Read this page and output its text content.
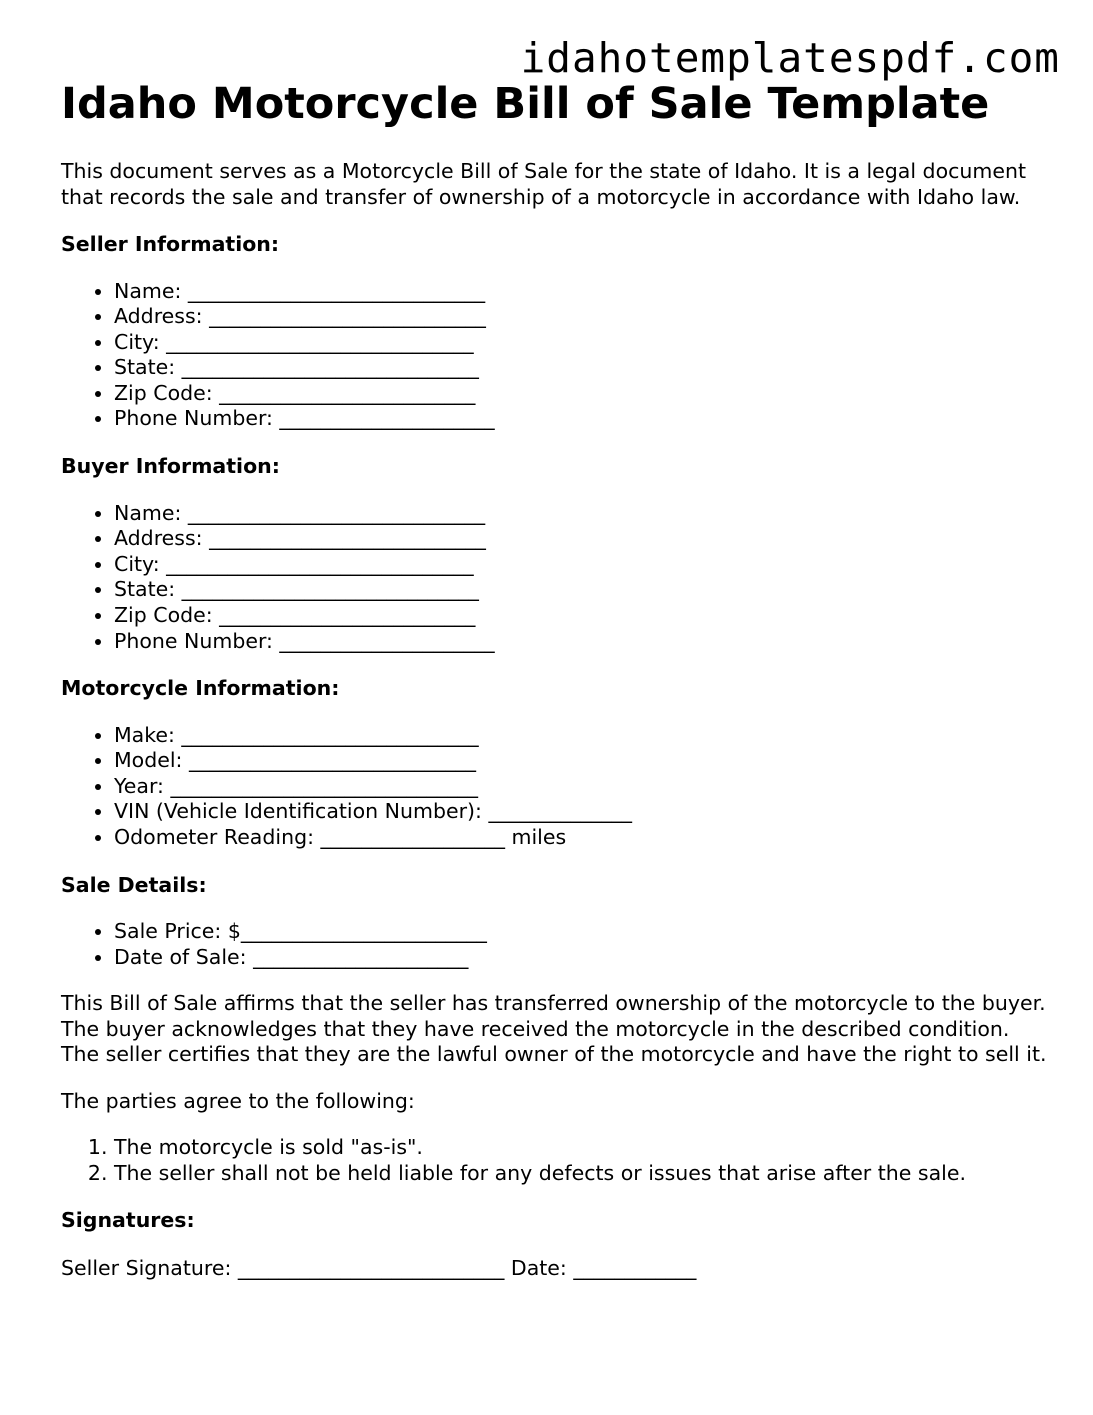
idahotemplatespdf.com
Idaho Motorcycle Bill of Sale Template

This document serves as a Motorcycle Bill of Sale for the state of Idaho. It is a legal document that records the sale and transfer of ownership of a motorcycle in accordance with Idaho law.

Seller Information:
• Name: _____________________________
• Address: ___________________________
• City: ______________________________
• State: _____________________________
• Zip Code: _________________________
• Phone Number: _____________________
Buyer Information:
• Name: _____________________________
• Address: ___________________________
• City: ______________________________
• State: _____________________________
• Zip Code: _________________________
• Phone Number: _____________________
Motorcycle Information:
• Make: _____________________________
• Model: ____________________________
• Year: ______________________________
• VIN (Vehicle Identification Number): ______________
• Odometer Reading: __________________ miles
Sale Details:
• Sale Price: $________________________
• Date of Sale: _____________________

This Bill of Sale affirms that the seller has transferred ownership of the motorcycle to the buyer. The buyer acknowledges that they have received the motorcycle in the described condition. The seller certifies that they are the lawful owner of the motorcycle and have the right to sell it.

The parties agree to the following:

1. The motorcycle is sold "as-is".
2. The seller shall not be held liable for any defects or issues that arise after the sale.
Signatures:

Seller Signature: __________________________ Date: ____________
